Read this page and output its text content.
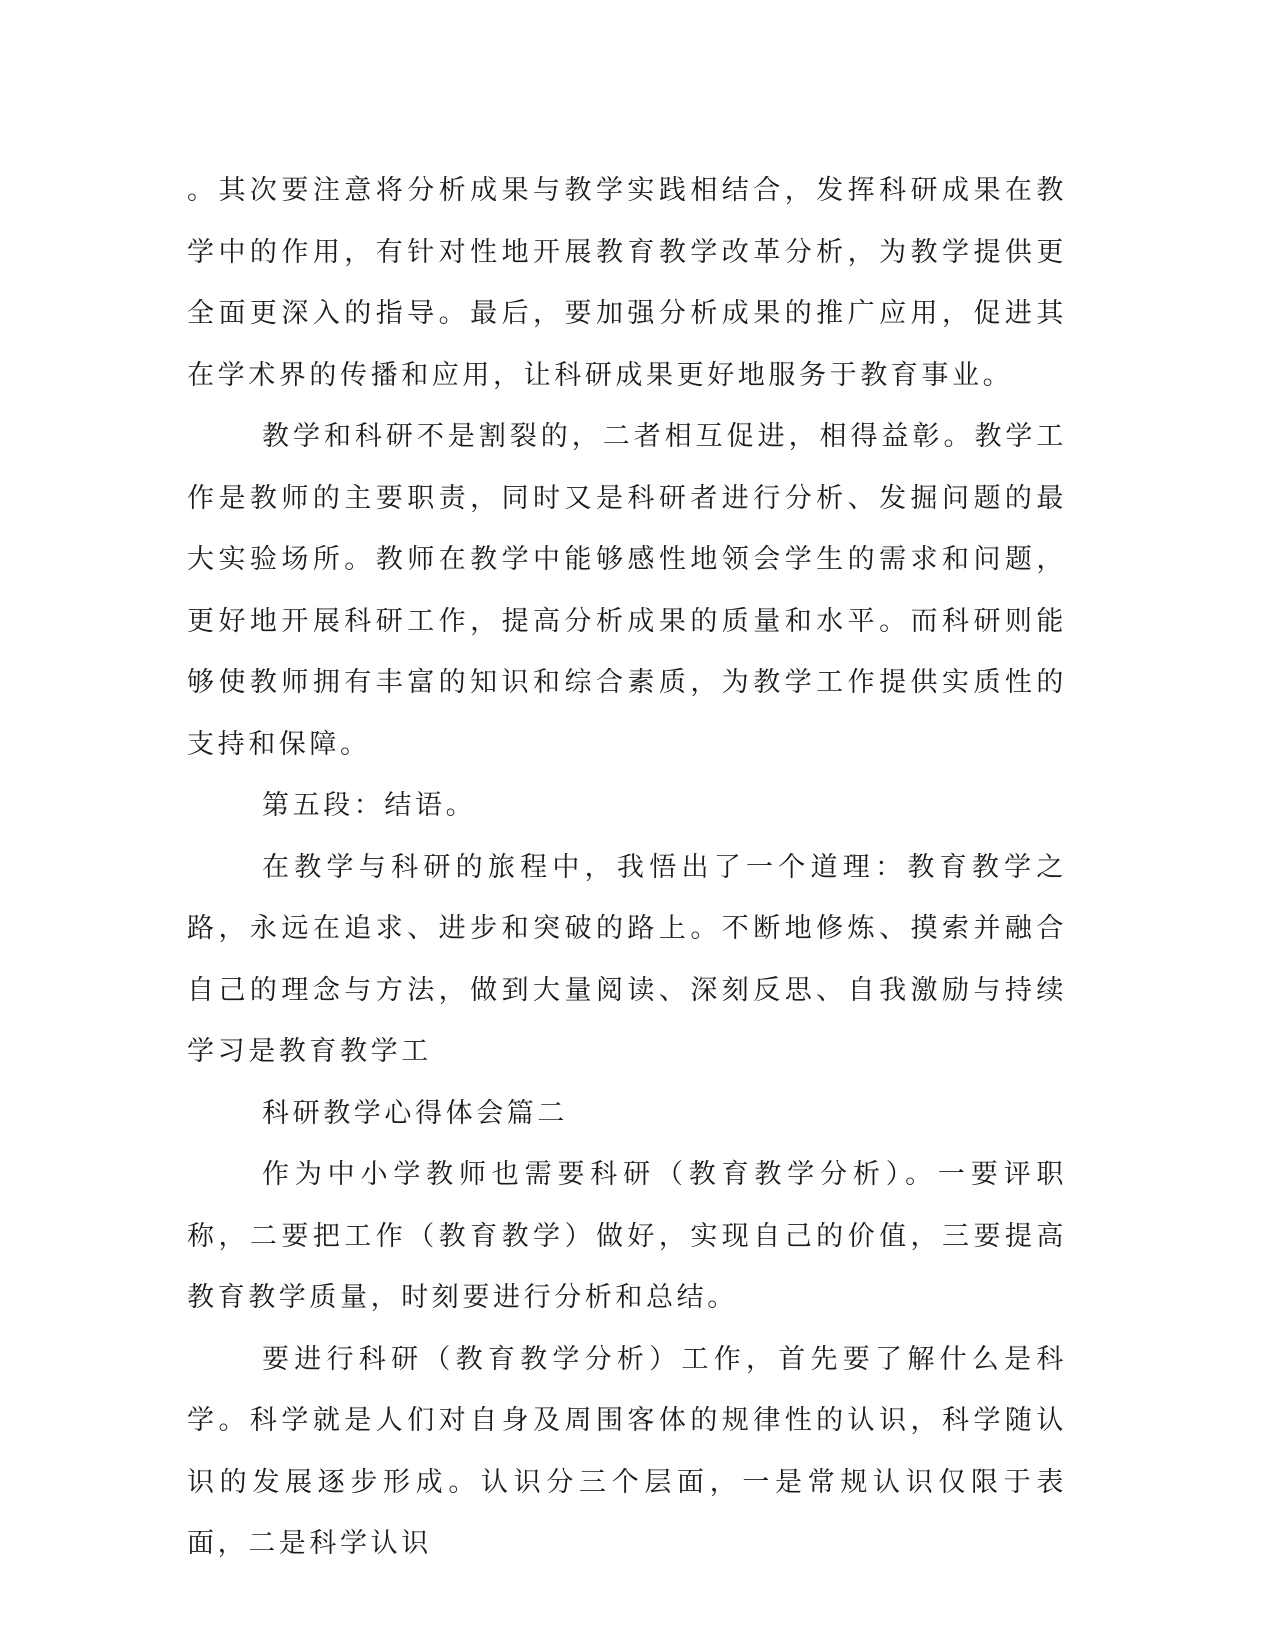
。其次要注意将分析成果与教学实践相结合，发挥科研成果在教学中的作用，有针对性地开展教育教学改革分析，为教学提供更全面更深入的指导。最后，要加强分析成果的推广应用，促进其在学术界的传播和应用，让科研成果更好地服务于教育事业。

教学和科研不是割裂的，二者相互促进，相得益彰。教学工作是教师的主要职责，同时又是科研者进行分析、发掘问题的最大实验场所。教师在教学中能够感性地领会学生的需求和问题，更好地开展科研工作，提高分析成果的质量和水平。而科研则能够使教师拥有丰富的知识和综合素质，为教学工作提供实质性的支持和保障。

第五段：结语。

在教学与科研的旅程中，我悟出了一个道理：教育教学之路，永远在追求、进步和突破的路上。不断地修炼、摸索并融合自己的理念与方法，做到大量阅读、深刻反思、自我激励与持续学习是教育教学工

科研教学心得体会篇二

作为中小学教师也需要科研（教育教学分析）。一要评职称，二要把工作（教育教学）做好，实现自己的价值，三要提高教育教学质量，时刻要进行分析和总结。

要进行科研（教育教学分析）工作，首先要了解什么是科学。科学就是人们对自身及周围客体的规律性的认识，科学随认识的发展逐步形成。认识分三个层面，一是常规认识仅限于表面，二是科学认识
